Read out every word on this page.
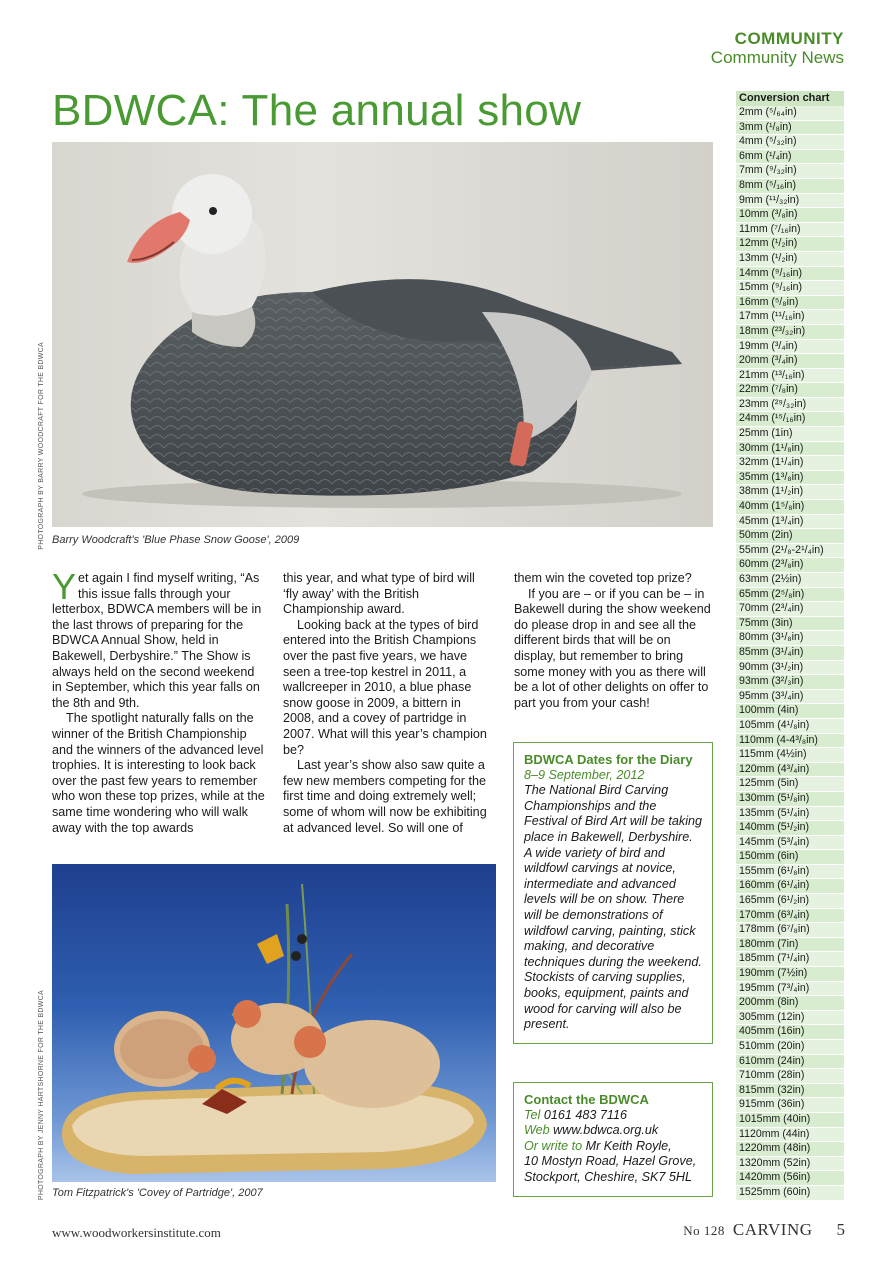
COMMUNITY
Community News
BDWCA: The annual show
PHOTOGRAPH BY BARRY WOODCRAFT FOR THE BDWCA Barry Woodcraft's 'Blue Phase Snow Goose', 2009

Yet again I find myself writing, “As this issue falls through your letterbox, BDWCA members will be in the last throws of preparing for the BDWCA Annual Show, held in Bakewell, Derbyshire.” The Show is always held on the second weekend in September, which this year falls on the 8th and 9th.

The spotlight naturally falls on the winner of the British Championship and the winners of the advanced level trophies. It is interesting to look back over the past few years to remember who won these top prizes, while at the same time wondering who will walk away with the top awards

this year, and what type of bird will ‘fly away’ with the British Championship award.

Looking back at the types of bird entered into the British Champions over the past five years, we have seen a tree-top kestrel in 2011, a wallcreeper in 2010, a blue phase snow goose in 2009, a bittern in 2008, and a covey of partridge in 2007. What will this year’s champion be?

Last year’s show also saw quite a few new members competing for the first time and doing extremely well; some of whom will now be exhibiting at advanced level. So will one of

them win the coveted top prize?

If you are – or if you can be – in Bakewell during the show weekend do please drop in and see all the different birds that will be on display, but remember to bring some money with you as there will be a lot of other delights on offer to part you from your cash!

BDWCA Dates for the Diary
8–9 September, 2012
The National Bird Carving Championships and the Festival of Bird Art will be taking place in Bakewell, Derbyshire. A wide variety of bird and wildfowl carvings at novice, intermediate and advanced levels will be on show. There will be demonstrations of wildfowl carving, painting, stick making, and decorative techniques during the weekend. Stockists of carving supplies, books, equipment, paints and wood for carving will also be present.
Contact the BDWCA
Tel 0161 483 7116
Web www.bdwca.org.uk
Or write to Mr Keith Royle,
10 Mostyn Road, Hazel Grove,
Stockport, Cheshire, SK7 5HL
PHOTOGRAPH BY JENNY HARTSHORNE FOR THE BDWCA Tom Fitzpatrick's 'Covey of Partridge', 2007
Conversion chart
2mm (⁵/₆₄in)
3mm (¹/₈in)
4mm (⁵/₃₂in)
6mm (¹/₄in)
7mm (⁹/₃₂in)
8mm (⁵/₁₆in)
9mm (¹¹/₃₂in)
10mm (³/₈in)
11mm (⁷/₁₆in)
12mm (¹/₂in)
13mm (¹/₂in)
14mm (⁹/₁₆in)
15mm (⁹/₁₆in)
16mm (⁵/₈in)
17mm (¹¹/₁₆in)
18mm (²³/₃₂in)
19mm (³/₄in)
20mm (³/₄in)
21mm (¹³/₁₆in)
22mm (⁷/₈in)
23mm (²⁹/₃₂in)
24mm (¹⁵/₁₆in)
25mm (1in)
30mm (1¹/₈in)
32mm (1¹/₄in)
35mm (1³/₈in)
38mm (1¹/₂in)
40mm (1⁵/₈in)
45mm (1³/₄in)
50mm (2in)
55mm (2¹/₈-2¹/₄in)
60mm (2³/₈in)
63mm (2½in)
65mm (2⁵/₈in)
70mm (2³/₄in)
75mm (3in)
80mm (3¹/₈in)
85mm (3¹/₄in)
90mm (3¹/₂in)
93mm (3²/₃in)
95mm (3³/₄in)
100mm (4in)
105mm (4¹/₈in)
110mm (4-4³/₈in)
115mm (4½in)
120mm (4³/₄in)
125mm (5in)
130mm (5¹/₈in)
135mm (5¹/₄in)
140mm (5¹/₂in)
145mm (5³/₄in)
150mm (6in)
155mm (6¹/₈in)
160mm (6¹/₄in)
165mm (6¹/₂in)
170mm (6³/₄in)
178mm (6⁷/₈in)
180mm (7in)
185mm (7¹/₄in)
190mm (7½in)
195mm (7³/₄in)
200mm (8in)
305mm (12in)
405mm (16in)
510mm (20in)
610mm (24in)
710mm (28in)
815mm (32in)
915mm (36in)
1015mm (40in)
1120mm (44in)
1220mm (48in)
1320mm (52in)
1420mm (56in)
1525mm (60in)
www.woodworkersinstitute.com	No 128 CARVING 5
